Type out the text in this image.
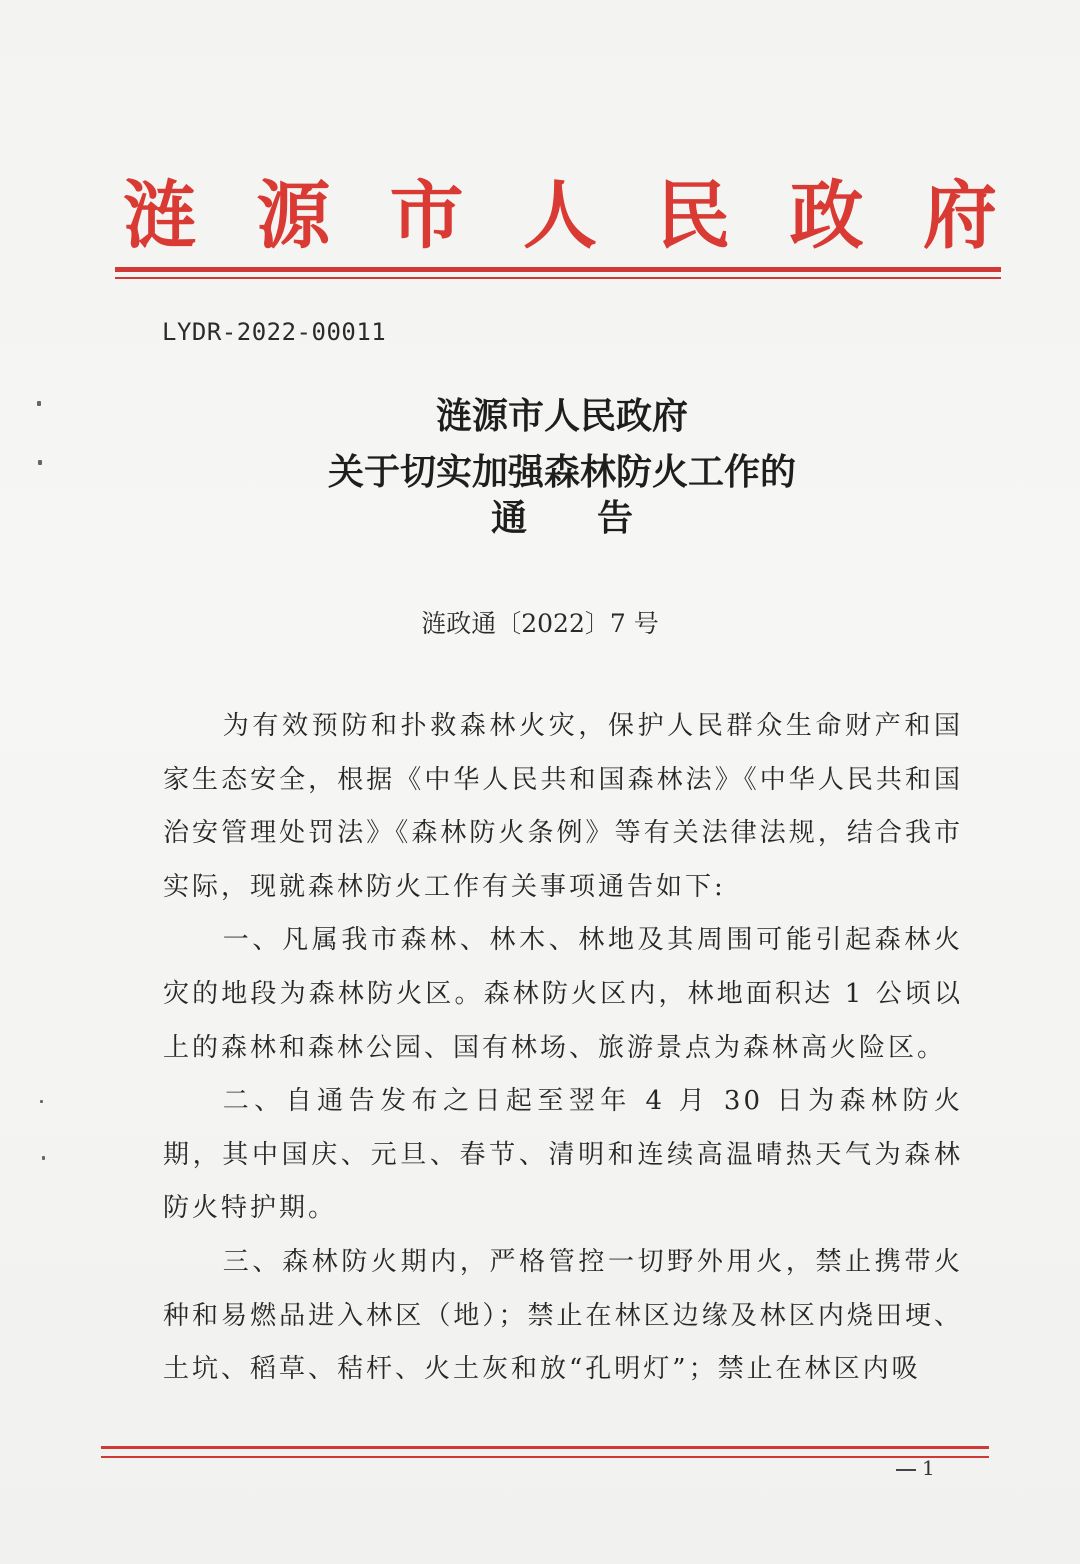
涟 源 市 人 民 政 府
LYDR-2022-00011
涟源市人民政府
关于切实加强森林防火工作的
通 告
涟政通〔2022〕7 号

为有效预防和扑救森林火灾，保护人民群众生命财产和国家生态安全，根据《中华人民共和国森林法》《中华人民共和国治安管理处罚法》《森林防火条例》等有关法律法规，结合我市实际，现就森林防火工作有关事项通告如下:

一、凡属我市森林、林木、林地及其周围可能引起森林火灾的地段为森林防火区。森林防火区内，林地面积达 1 公顷以上的森林和森林公园、国有林场、旅游景点为森林高火险区。

二、自通告发布之日起至翌年 4 月 30 日为森林防火期，其中国庆、元旦、春节、清明和连续高温晴热天气为森林防火特护期。

三、森林防火期内，严格管控一切野外用火，禁止携带火种和易燃品进入林区（地）；禁止在林区边缘及林区内烧田埂、土坑、稻草、秸杆、火土灰和放“孔明灯”；禁止在林区内吸

1
